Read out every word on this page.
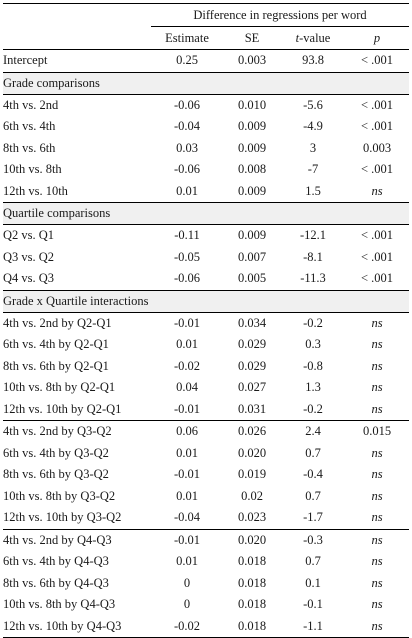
	Difference in regressions per word			
	Estimate	SE	t-value	p
Intercept	0.25	0.003	93.8	< .001
Grade comparisons				
4th vs. 2nd	-0.06	0.010	-5.6	< .001
6th vs. 4th	-0.04	0.009	-4.9	< .001
8th vs. 6th	0.03	0.009	3	0.003
10th vs. 8th	-0.06	0.008	-7	< .001
12th vs. 10th	0.01	0.009	1.5	ns
Quartile comparisons				
Q2 vs. Q1	-0.11	0.009	-12.1	< .001
Q3 vs. Q2	-0.05	0.007	-8.1	< .001
Q4 vs. Q3	-0.06	0.005	-11.3	< .001
Grade x Quartile interactions				
4th vs. 2nd by Q2-Q1	-0.01	0.034	-0.2	ns
6th vs. 4th by Q2-Q1	0.01	0.029	0.3	ns
8th vs. 6th by Q2-Q1	-0.02	0.029	-0.8	ns
10th vs. 8th by Q2-Q1	0.04	0.027	1.3	ns
12th vs. 10th by Q2-Q1	-0.01	0.031	-0.2	ns
4th vs. 2nd by Q3-Q2	0.06	0.026	2.4	0.015
6th vs. 4th by Q3-Q2	0.01	0.020	0.7	ns
8th vs. 6th by Q3-Q2	-0.01	0.019	-0.4	ns
10th vs. 8th by Q3-Q2	0.01	0.02	0.7	ns
12th vs. 10th by Q3-Q2	-0.04	0.023	-1.7	ns
4th vs. 2nd by Q4-Q3	-0.01	0.020	-0.3	ns
6th vs. 4th by Q4-Q3	0.01	0.018	0.7	ns
8th vs. 6th by Q4-Q3	0	0.018	0.1	ns
10th vs. 8th by Q4-Q3	0	0.018	-0.1	ns
12th vs. 10th by Q4-Q3	-0.02	0.018	-1.1	ns
